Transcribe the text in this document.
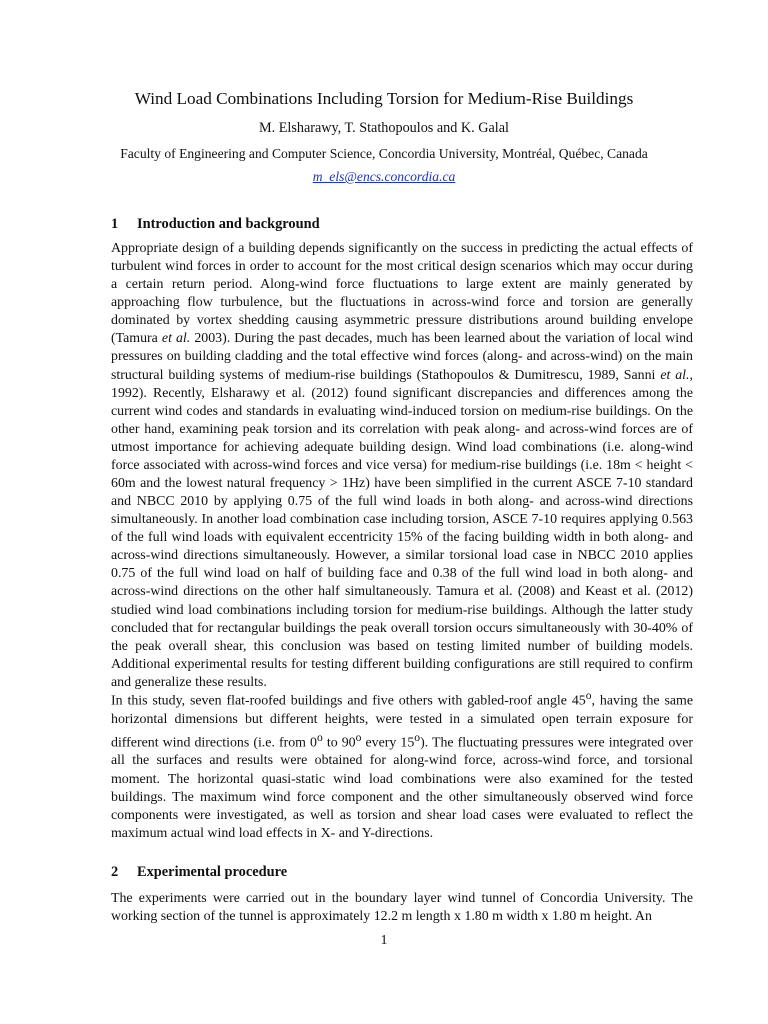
Wind Load Combinations Including Torsion for Medium-Rise Buildings
M. Elsharawy, T. Stathopoulos and K. Galal
Faculty of Engineering and Computer Science, Concordia University, Montréal, Québec, Canada
m_els@encs.concordia.ca
1 Introduction and background

Appropriate design of a building depends significantly on the success in predicting the actual effects of turbulent wind forces in order to account for the most critical design scenarios which may occur during a certain return period. Along-wind force fluctuations to large extent are mainly generated by approaching flow turbulence, but the fluctuations in across-wind force and torsion are generally dominated by vortex shedding causing asymmetric pressure distributions around building envelope (Tamura et al. 2003). During the past decades, much has been learned about the variation of local wind pressures on building cladding and the total effective wind forces (along- and across-wind) on the main structural building systems of medium-rise buildings (Stathopoulos & Dumitrescu, 1989, Sanni et al., 1992). Recently, Elsharawy et al. (2012) found significant discrepancies and differences among the current wind codes and standards in evaluating wind-induced torsion on medium-rise buildings. On the other hand, examining peak torsion and its correlation with peak along- and across-wind forces are of utmost importance for achieving adequate building design. Wind load combinations (i.e. along-wind force associated with across-wind forces and vice versa) for medium-rise buildings (i.e. 18m < height < 60m and the lowest natural frequency > 1Hz) have been simplified in the current ASCE 7-10 standard and NBCC 2010 by applying 0.75 of the full wind loads in both along- and across-wind directions simultaneously. In another load combination case including torsion, ASCE 7-10 requires applying 0.563 of the full wind loads with equivalent eccentricity 15% of the facing building width in both along- and across-wind directions simultaneously. However, a similar torsional load case in NBCC 2010 applies 0.75 of the full wind load on half of building face and 0.38 of the full wind load in both along- and across-wind directions on the other half simultaneously. Tamura et al. (2008) and Keast et al. (2012) studied wind load combinations including torsion for medium-rise buildings. Although the latter study concluded that for rectangular buildings the peak overall torsion occurs simultaneously with 30-40% of the peak overall shear, this conclusion was based on testing limited number of building models. Additional experimental results for testing different building configurations are still required to confirm and generalize these results.

In this study, seven flat-roofed buildings and five others with gabled-roof angle 45$^o$, having the same horizontal dimensions but different heights, were tested in a simulated open terrain exposure for different wind directions (i.e. from 0$^o$ to 90$^o$ every 15$^o$). The fluctuating pressures were integrated over all the surfaces and results were obtained for along-wind force, across-wind force, and torsional moment. The horizontal quasi-static wind load combinations were also examined for the tested buildings. The maximum wind force component and the other simultaneously observed wind force components were investigated, as well as torsion and shear load cases were evaluated to reflect the maximum actual wind load effects in X- and Y-directions.

2 Experimental procedure

The experiments were carried out in the boundary layer wind tunnel of Concordia University. The working section of the tunnel is approximately 12.2 m length x 1.80 m width x 1.80 m height. An

1
